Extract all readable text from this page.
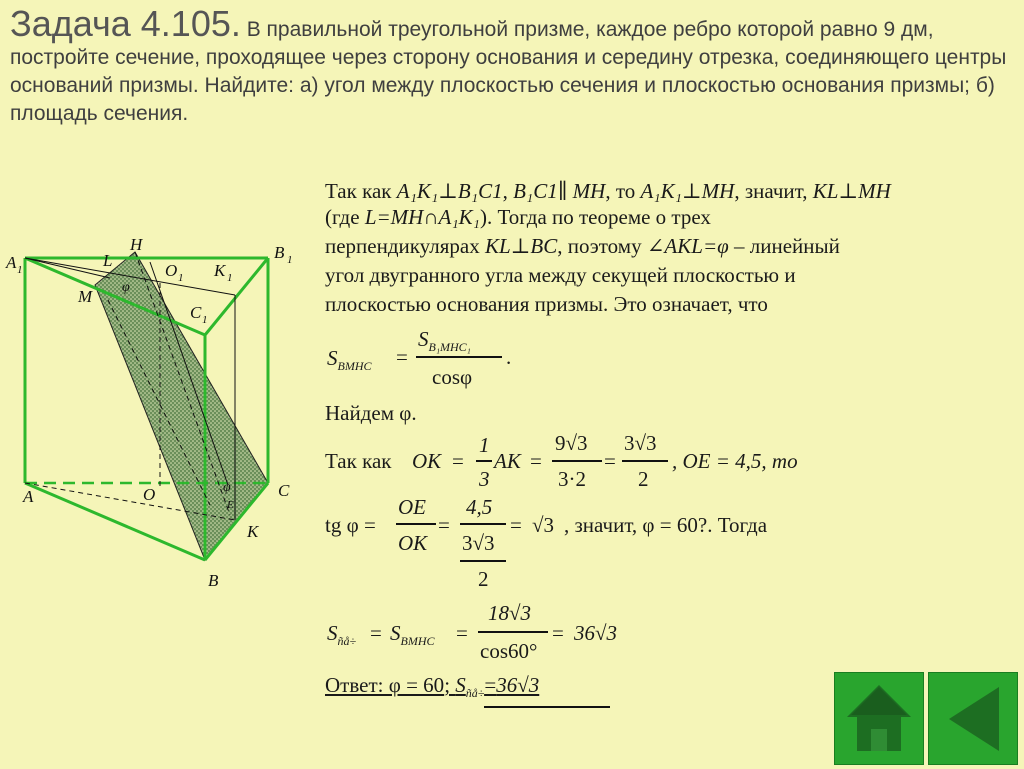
Задача 4.105. В правильной треугольной призме, каждое ребро которой равно 9 дм, постройте сечение, проходящее через сторону основания и середину отрезка, соединяющего центры оснований призмы. Найдите: а) угол между плоскостью сечения и плоскостью основания призмы; б) площадь сечения.
H
A 1
B 1
L
O 1 K 1
φ
M
C 1
A	O	φ
E
C
K
B
Так как A₁K₁⊥B₁C1, B₁C1∥ MH, то A₁K₁⊥MH, значит, KL⊥MH
(где L=MH∩A₁K₁). Тогда по теореме о трех
перпендикулярах KL⊥BC, поэтому ∠AKL=φ – линейный
угол двугранного угла между секущей плоскостью и
плоскостью основания призмы. Это означает, что
$S_{BMHC}$ =
$S_{B_1MHC_1}$
cosφ
.
Найдем φ.
Так как OK =
1
3
AK =
9√3
3·2
=
3√3
2
, OE = 4,5, то
tg φ =
OE
OK
=
4,5
3√3
2
= √3 , значит, φ = 60?. Тогда
$S_{ñå\div} = S_{BMHC}$ =
18√3
cos60°
= 36√3
Ответ: φ = 60; $S_{ñå\div}=36√3$
